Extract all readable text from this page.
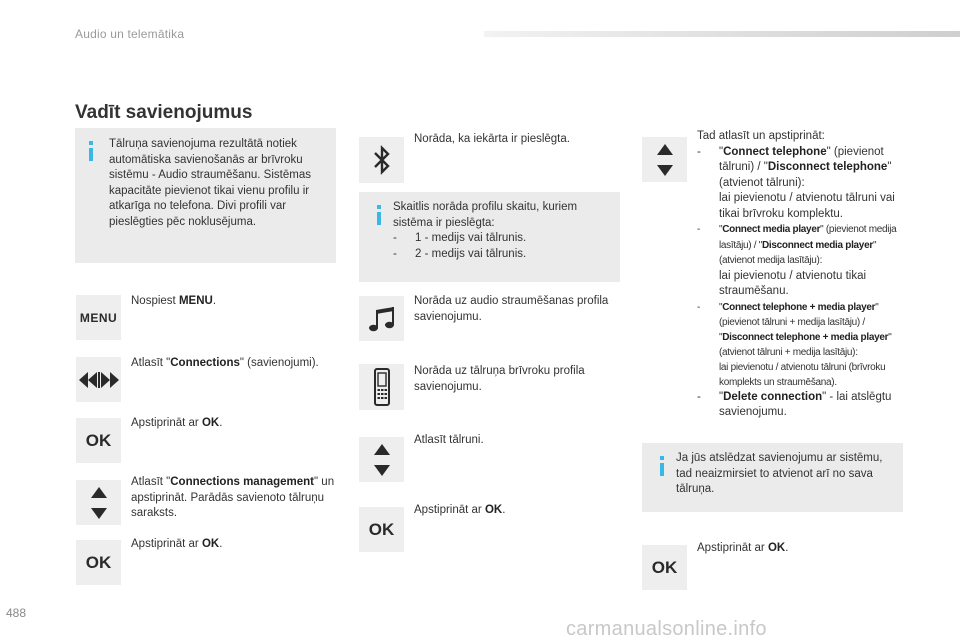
Audio un telemātika
Vadīt savienojumus
Tālruņa savienojuma rezultātā notiek automātiska savienošanās ar brīvroku sistēmu - Audio straumēšanu. Sistēmas kapacitāte pievienot tikai vienu profilu ir atkarīga no telefona. Divi profili var pieslēgties pēc noklusējuma.
MENU
Nospiest MENU.
Atlasīt "Connections" (savienojumi).
OK
Apstiprināt ar OK.
Atlasīt "Connections management" un apstiprināt. Parādās savienoto tālruņu saraksts.
OK
Apstiprināt ar OK.
Norāda, ka iekārta ir pieslēgta.
Skaitlis norāda profilu skaitu, kuriem sistēma ir pieslēgta:
- 1 - medijs vai tālrunis.
- 2 - medijs vai tālrunis.
Norāda uz audio straumēšanas profila savienojumu.
Norāda uz tālruņa brīvroku profila savienojumu.
Atlasīt tālruni.
OK
Apstiprināt ar OK.
Tad atlasīt un apstiprināt:
- "Connect telephone" (pievienot tālruni) / "Disconnect telephone" (atvienot tālruni):
lai pievienotu / atvienotu tālruni vai tikai brīvroku komplektu.
- "Connect media player" (pievienot medija lasītāju) / "Disconnect media player" (atvienot medija lasītāju):
lai pievienotu / atvienotu tikai straumēšanu.
- "Connect telephone + media player" (pievienot tālruni + medija lasītāju) / "Disconnect telephone + media player" (atvienot tālruni + medija lasītāju):
lai pievienotu / atvienotu tālruni (brīvroku komplekts un straumēšana).
- "Delete connection" - lai atslēgtu savienojumu.
Ja jūs atslēdzat savienojumu ar sistēmu, tad neaizmirsiet to atvienot arī no sava tālruņa.
OK
Apstiprināt ar OK.
488
carmanualsonline.info
